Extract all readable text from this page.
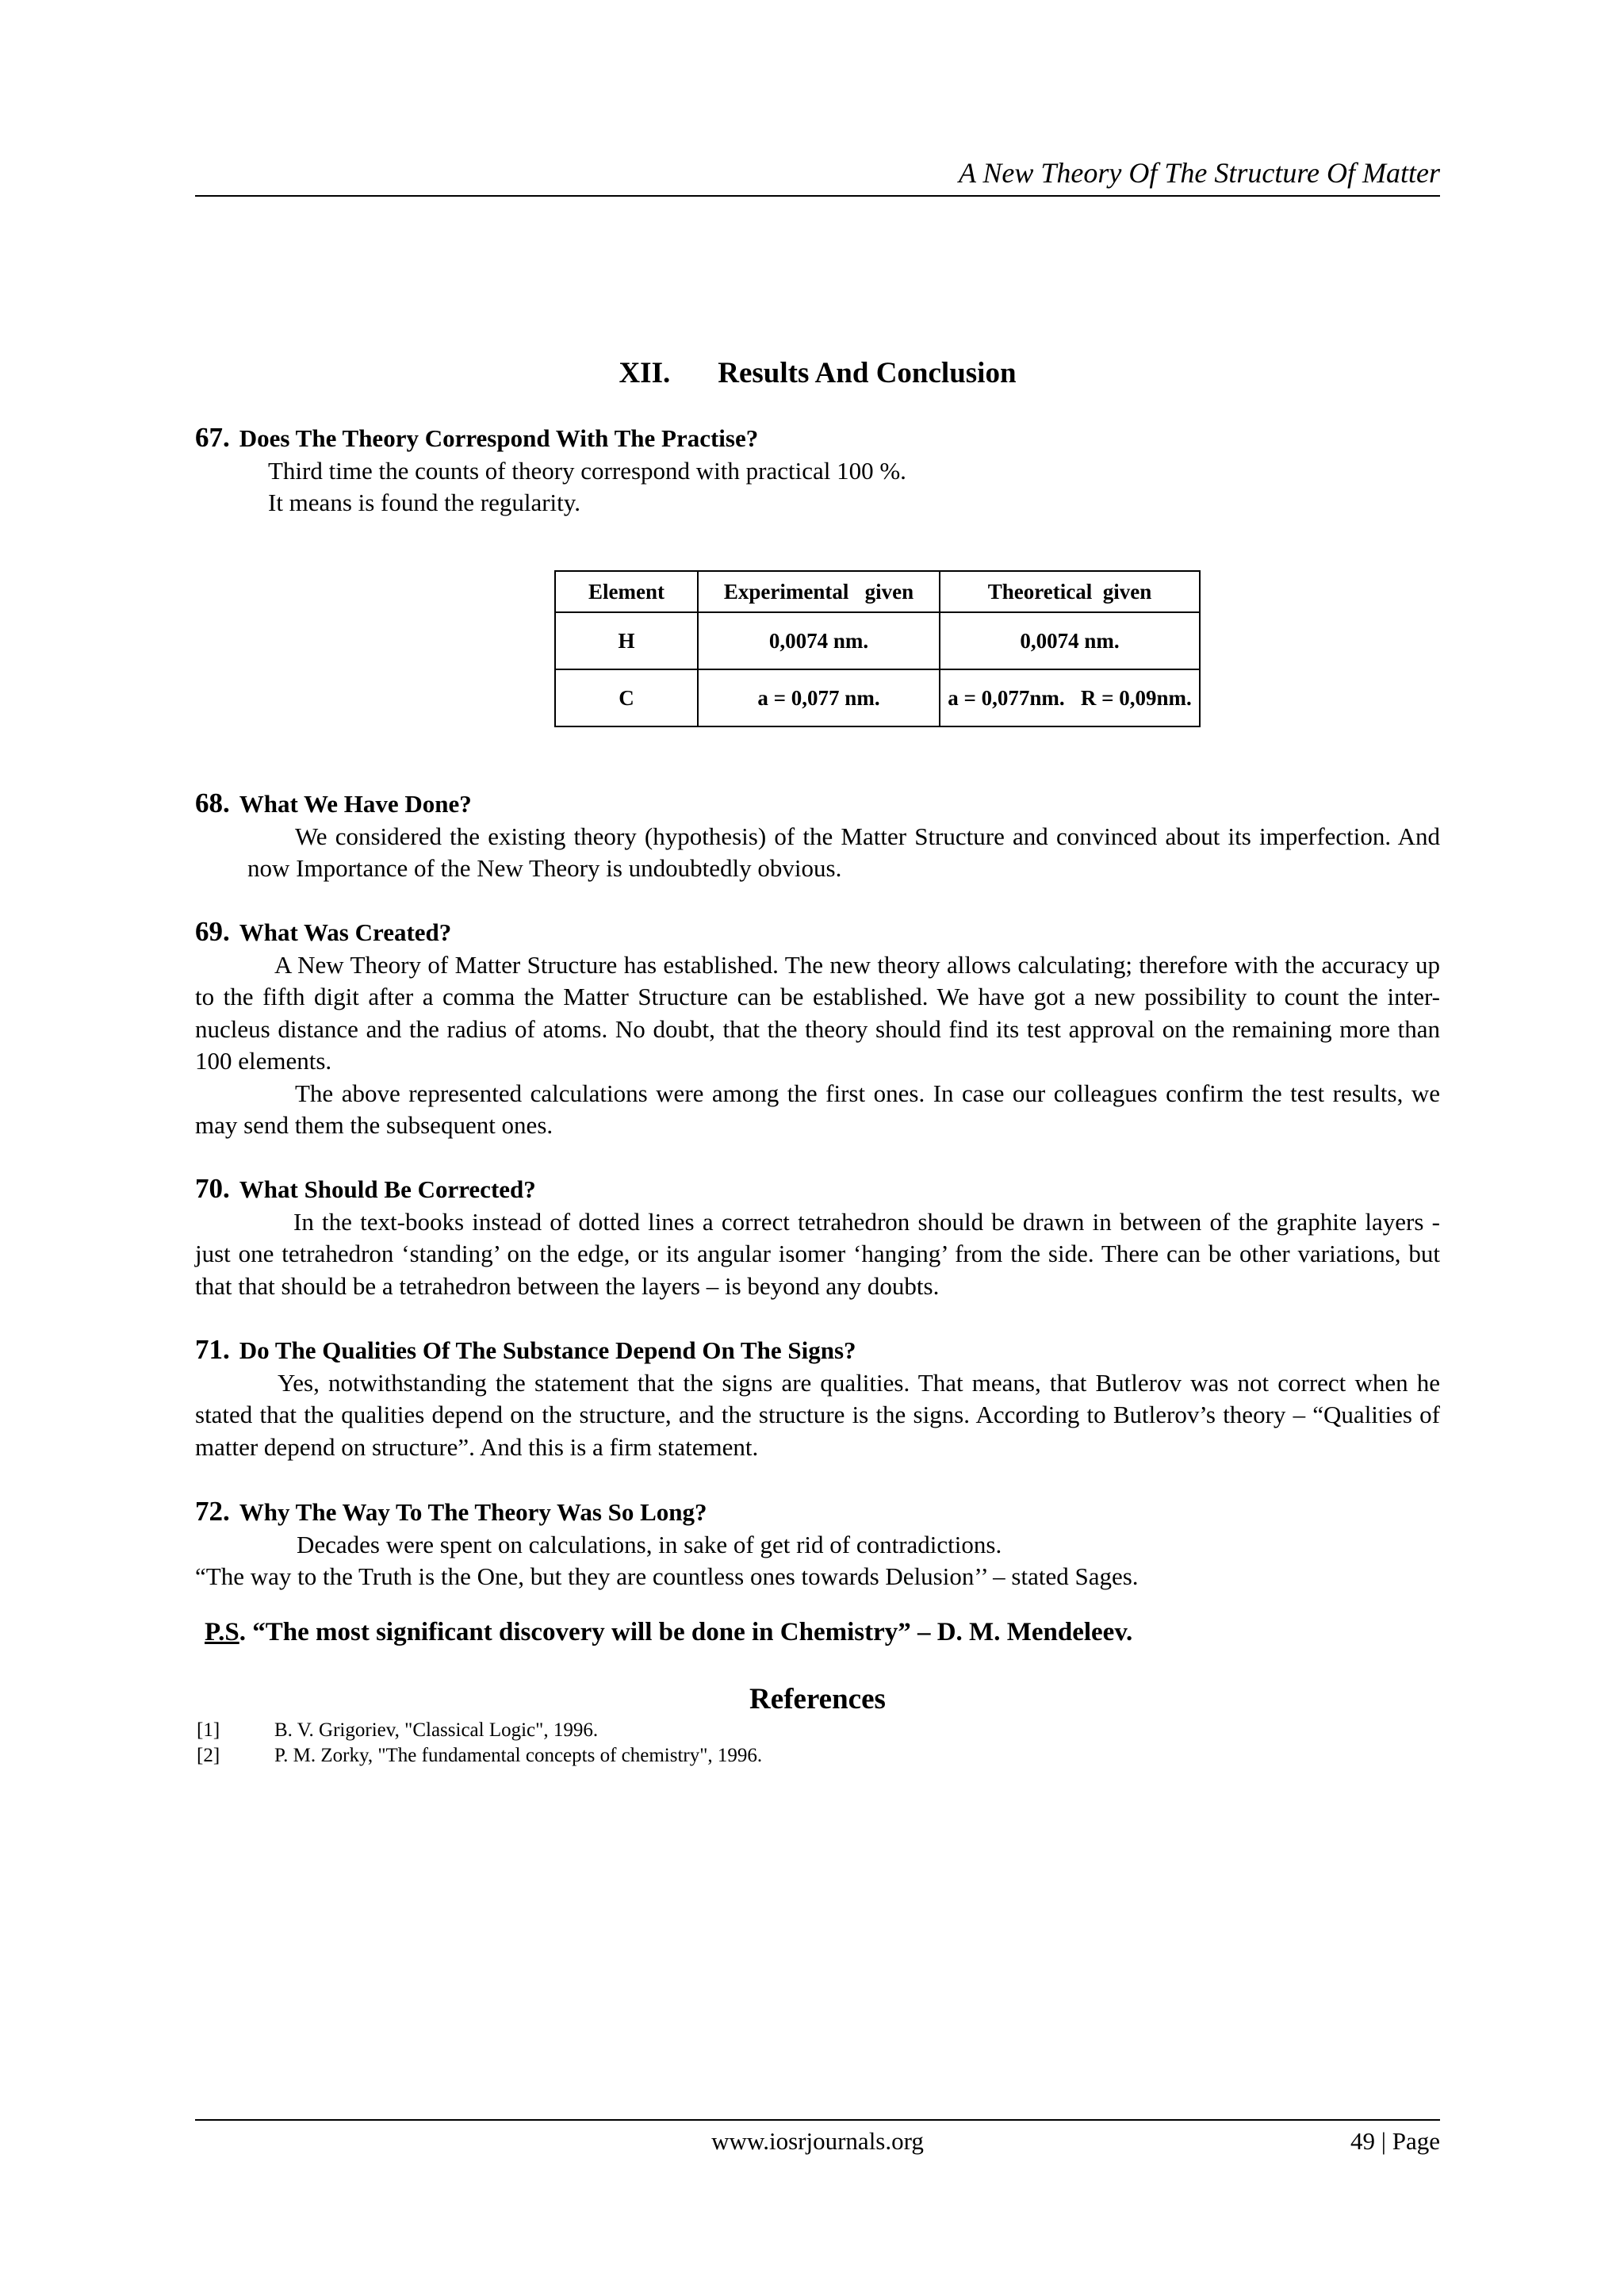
A New Theory Of The Structure Of Matter
XII. Results And Conclusion
67. Does The Theory Correspond With The Practise?
Third time the counts of theory correspond with practical 100 %.
It means is found the regularity.
Element	Experimental   given	Theoretical  given
H	0,0074 nm.	0,0074 nm.
C	a = 0,077 nm.	a = 0,077nm.   R = 0,09nm.
68. What We Have Done?
We considered the existing theory (hypothesis) of the Matter Structure and convinced about its imperfection. And now Importance of the New Theory is undoubtedly obvious.
69. What Was Created?
A New Theory of Matter Structure has established. The new theory allows calculating; therefore with the accuracy up to the fifth digit after a comma the Matter Structure can be established. We have got a new possibility to count the inter-nucleus distance and the radius of atoms. No doubt, that the theory should find its test approval on the remaining more than 100 elements.
The above represented calculations were among the first ones. In case our colleagues confirm the test results, we may send them the subsequent ones.
70. What Should Be Corrected?
In the text-books instead of dotted lines a correct tetrahedron should be drawn in between of the graphite layers - just one tetrahedron ‘standing’ on the edge, or its angular isomer ‘hanging’ from the side. There can be other variations, but that that should be a tetrahedron between the layers – is beyond any doubts.
71. Do The Qualities Of The Substance Depend On The Signs?
Yes, notwithstanding the statement that the signs are qualities. That means, that Butlerov was not correct when he stated that the qualities depend on the structure, and the structure is the signs. According to Butlerov’s theory – “Qualities of matter depend on structure”. And this is a firm statement.
72. Why The Way To The Theory Was So Long?
Decades were spent on calculations, in sake of get rid of contradictions.
“The way to the Truth is the One, but they are countless ones towards Delusion’’ – stated Sages.
P.S. “The most significant discovery will be done in Chemistry” – D. M. Mendeleev.
References
[1]	B. V. Grigoriev, "Classical Logic", 1996.
[2]	P. M. Zorky, "The fundamental concepts of chemistry", 1996.
www.iosrjournals.org	49 | Page
